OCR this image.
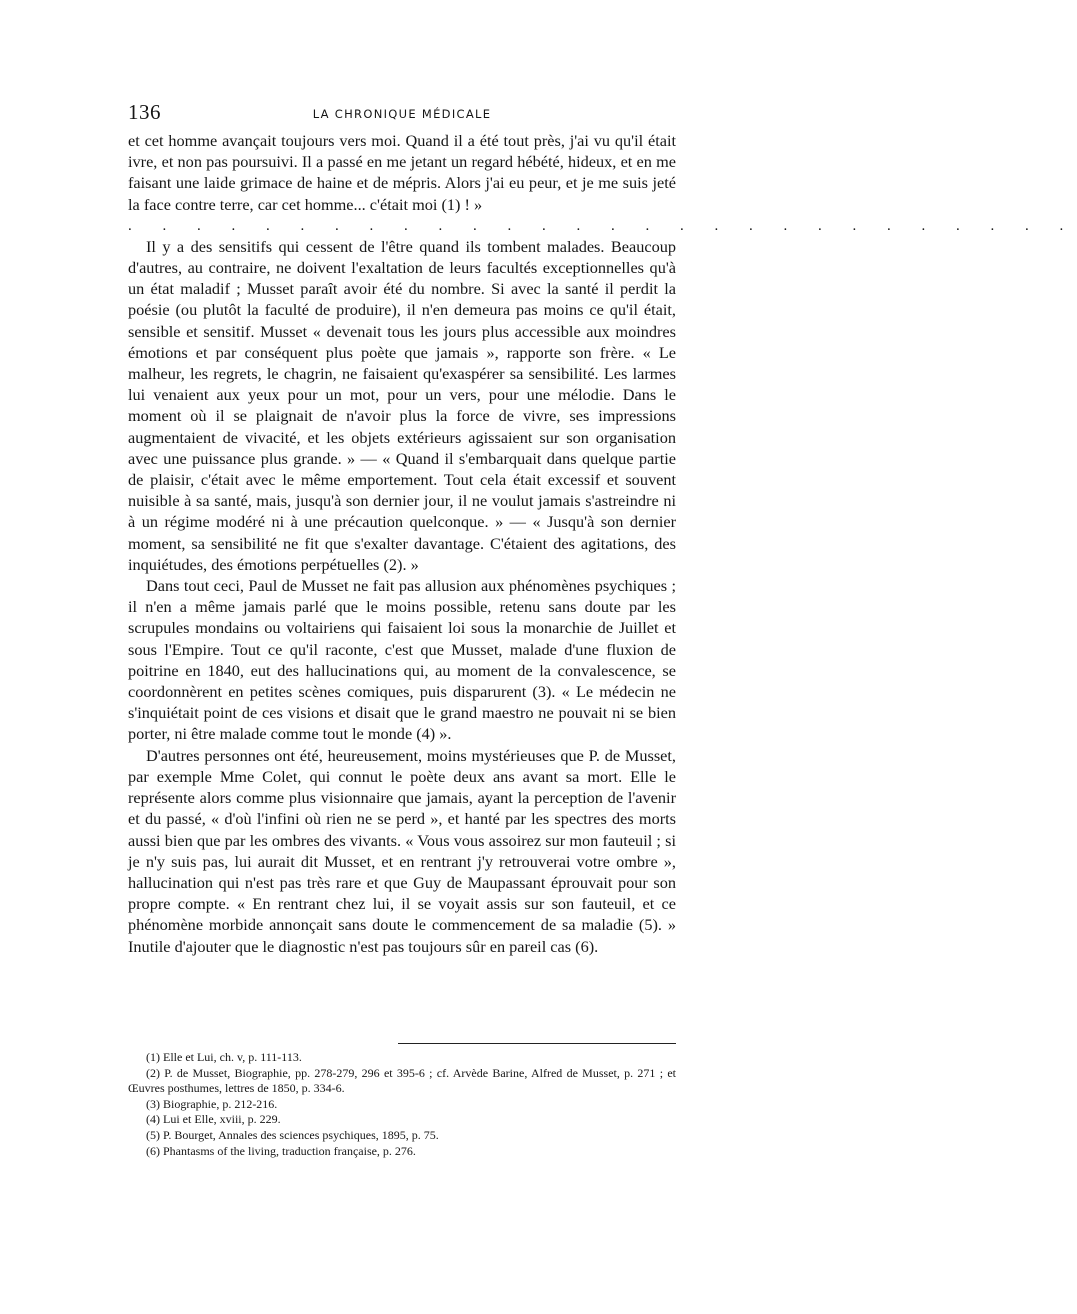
136	LA CHRONIQUE MÉDICALE

et cet homme avançait toujours vers moi. Quand il a été tout près, j'ai vu qu'il était ivre, et non pas poursuivi. Il a passé en me jetant un regard hébété, hideux, et en me faisant une laide grimace de haine et de mépris. Alors j'ai eu peur, et je me suis jeté la face contre terre, car cet homme... c'était moi (1) ! »

. . . . . . . . . . . . . . . . . . . . . . . . . . . .

Il y a des sensitifs qui cessent de l'être quand ils tombent malades. Beaucoup d'autres, au contraire, ne doivent l'exaltation de leurs facultés exceptionnelles qu'à un état maladif ; Musset paraît avoir été du nombre. Si avec la santé il perdit la poésie (ou plutôt la faculté de produire), il n'en demeura pas moins ce qu'il était, sensible et sensitif. Musset « devenait tous les jours plus accessible aux moindres émotions et par conséquent plus poète que jamais », rapporte son frère. « Le malheur, les regrets, le chagrin, ne faisaient qu'exaspérer sa sensibilité. Les larmes lui venaient aux yeux pour un mot, pour un vers, pour une mélodie. Dans le moment où il se plaignait de n'avoir plus la force de vivre, ses impressions augmentaient de vivacité, et les objets extérieurs agissaient sur son organisation avec une puissance plus grande. » — « Quand il s'embarquait dans quelque partie de plaisir, c'était avec le même emportement. Tout cela était excessif et souvent nuisible à sa santé, mais, jusqu'à son dernier jour, il ne voulut jamais s'astreindre ni à un régime modéré ni à une précaution quelconque. » — « Jusqu'à son dernier moment, sa sensibilité ne fit que s'exalter davantage. C'étaient des agitations, des inquiétudes, des émotions perpétuelles (2). »

Dans tout ceci, Paul de Musset ne fait pas allusion aux phénomènes psychiques ; il n'en a même jamais parlé que le moins possible, retenu sans doute par les scrupules mondains ou voltairiens qui faisaient loi sous la monarchie de Juillet et sous l'Empire. Tout ce qu'il raconte, c'est que Musset, malade d'une fluxion de poitrine en 1840, eut des hallucinations qui, au moment de la convalescence, se coordonnèrent en petites scènes comiques, puis disparurent (3). « Le médecin ne s'inquiétait point de ces visions et disait que le grand maestro ne pouvait ni se bien porter, ni être malade comme tout le monde (4) ».

D'autres personnes ont été, heureusement, moins mystérieuses que P. de Musset, par exemple Mme Colet, qui connut le poète deux ans avant sa mort. Elle le représente alors comme plus visionnaire que jamais, ayant la perception de l'avenir et du passé, « d'où l'infini où rien ne se perd », et hanté par les spectres des morts aussi bien que par les ombres des vivants. « Vous vous assoirez sur mon fauteuil ; si je n'y suis pas, lui aurait dit Musset, et en rentrant j'y retrouverai votre ombre », hallucination qui n'est pas très rare et que Guy de Maupassant éprouvait pour son propre compte. « En rentrant chez lui, il se voyait assis sur son fauteuil, et ce phénomène morbide annonçait sans doute le commencement de sa maladie (5). » Inutile d'ajouter que le diagnostic n'est pas toujours sûr en pareil cas (6).

(1) Elle et Lui, ch. v, p. 111-113.

(2) P. de Musset, Biographie, pp. 278-279, 296 et 395-6 ; cf. Arvède Barine, Alfred de Musset, p. 271 ; et Œuvres posthumes, lettres de 1850, p. 334-6.

(3) Biographie, p. 212-216.

(4) Lui et Elle, xviii, p. 229.

(5) P. Bourget, Annales des sciences psychiques, 1895, p. 75.

(6) Phantasms of the living, traduction française, p. 276.
